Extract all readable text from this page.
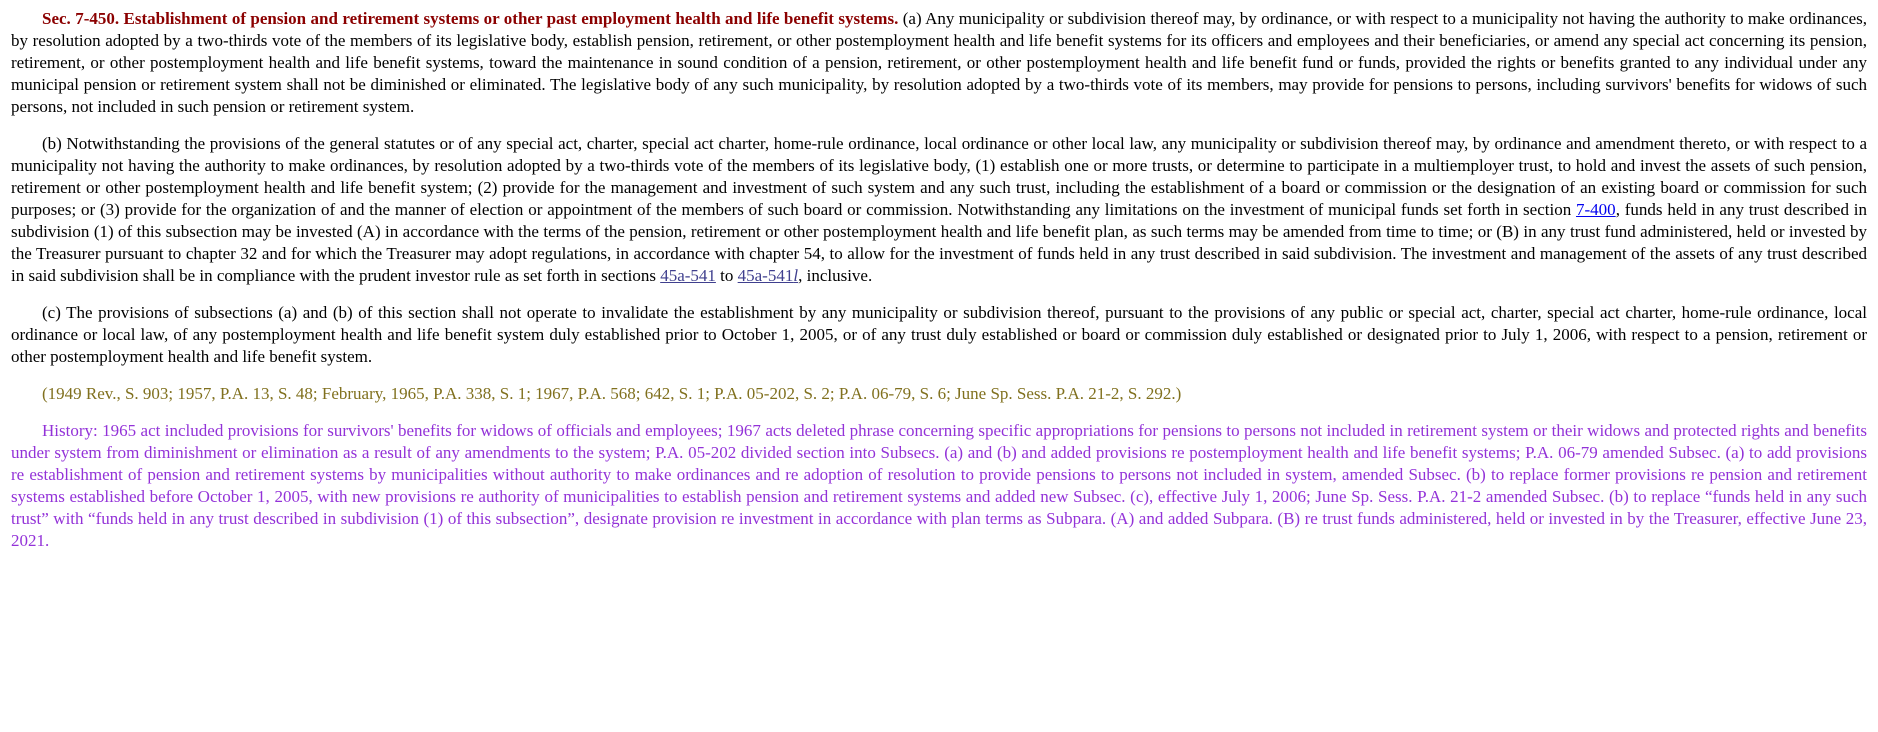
Sec. 7-450. Establishment of pension and retirement systems or other past employment health and life benefit systems. (a) Any municipality or subdivision thereof may, by ordinance, or with respect to a municipality not having the authority to make ordinances, by resolution adopted by a two-thirds vote of the members of its legislative body, establish pension, retirement, or other postemployment health and life benefit systems for its officers and employees and their beneficiaries, or amend any special act concerning its pension, retirement, or other postemployment health and life benefit systems, toward the maintenance in sound condition of a pension, retirement, or other postemployment health and life benefit fund or funds, provided the rights or benefits granted to any individual under any municipal pension or retirement system shall not be diminished or eliminated. The legislative body of any such municipality, by resolution adopted by a two-thirds vote of its members, may provide for pensions to persons, including survivors' benefits for widows of such persons, not included in such pension or retirement system.

(b) Notwithstanding the provisions of the general statutes or of any special act, charter, special act charter, home-rule ordinance, local ordinance or other local law, any municipality or subdivision thereof may, by ordinance and amendment thereto, or with respect to a municipality not having the authority to make ordinances, by resolution adopted by a two-thirds vote of the members of its legislative body, (1) establish one or more trusts, or determine to participate in a multiemployer trust, to hold and invest the assets of such pension, retirement or other postemployment health and life benefit system; (2) provide for the management and investment of such system and any such trust, including the establishment of a board or commission or the designation of an existing board or commission for such purposes; or (3) provide for the organization of and the manner of election or appointment of the members of such board or commission. Notwithstanding any limitations on the investment of municipal funds set forth in section 7-400, funds held in any trust described in subdivision (1) of this subsection may be invested (A) in accordance with the terms of the pension, retirement or other postemployment health and life benefit plan, as such terms may be amended from time to time; or (B) in any trust fund administered, held or invested by the Treasurer pursuant to chapter 32 and for which the Treasurer may adopt regulations, in accordance with chapter 54, to allow for the investment of funds held in any trust described in said subdivision. The investment and management of the assets of any trust described in said subdivision shall be in compliance with the prudent investor rule as set forth in sections 45a-541 to 45a-541l, inclusive.

(c) The provisions of subsections (a) and (b) of this section shall not operate to invalidate the establishment by any municipality or subdivision thereof, pursuant to the provisions of any public or special act, charter, special act charter, home-rule ordinance, local ordinance or local law, of any postemployment health and life benefit system duly established prior to October 1, 2005, or of any trust duly established or board or commission duly established or designated prior to July 1, 2006, with respect to a pension, retirement or other postemployment health and life benefit system.

(1949 Rev., S. 903; 1957, P.A. 13, S. 48; February, 1965, P.A. 338, S. 1; 1967, P.A. 568; 642, S. 1; P.A. 05-202, S. 2; P.A. 06-79, S. 6; June Sp. Sess. P.A. 21-2, S. 292.)

History: 1965 act included provisions for survivors' benefits for widows of officials and employees; 1967 acts deleted phrase concerning specific appropriations for pensions to persons not included in retirement system or their widows and protected rights and benefits under system from diminishment or elimination as a result of any amendments to the system; P.A. 05-202 divided section into Subsecs. (a) and (b) and added provisions re postemployment health and life benefit systems; P.A. 06-79 amended Subsec. (a) to add provisions re establishment of pension and retirement systems by municipalities without authority to make ordinances and re adoption of resolution to provide pensions to persons not included in system, amended Subsec. (b) to replace former provisions re pension and retirement systems established before October 1, 2005, with new provisions re authority of municipalities to establish pension and retirement systems and added new Subsec. (c), effective July 1, 2006; June Sp. Sess. P.A. 21-2 amended Subsec. (b) to replace “funds held in any such trust” with “funds held in any trust described in subdivision (1) of this subsection”, designate provision re investment in accordance with plan terms as Subpara. (A) and added Subpara. (B) re trust funds administered, held or invested in by the Treasurer, effective June 23, 2021.
